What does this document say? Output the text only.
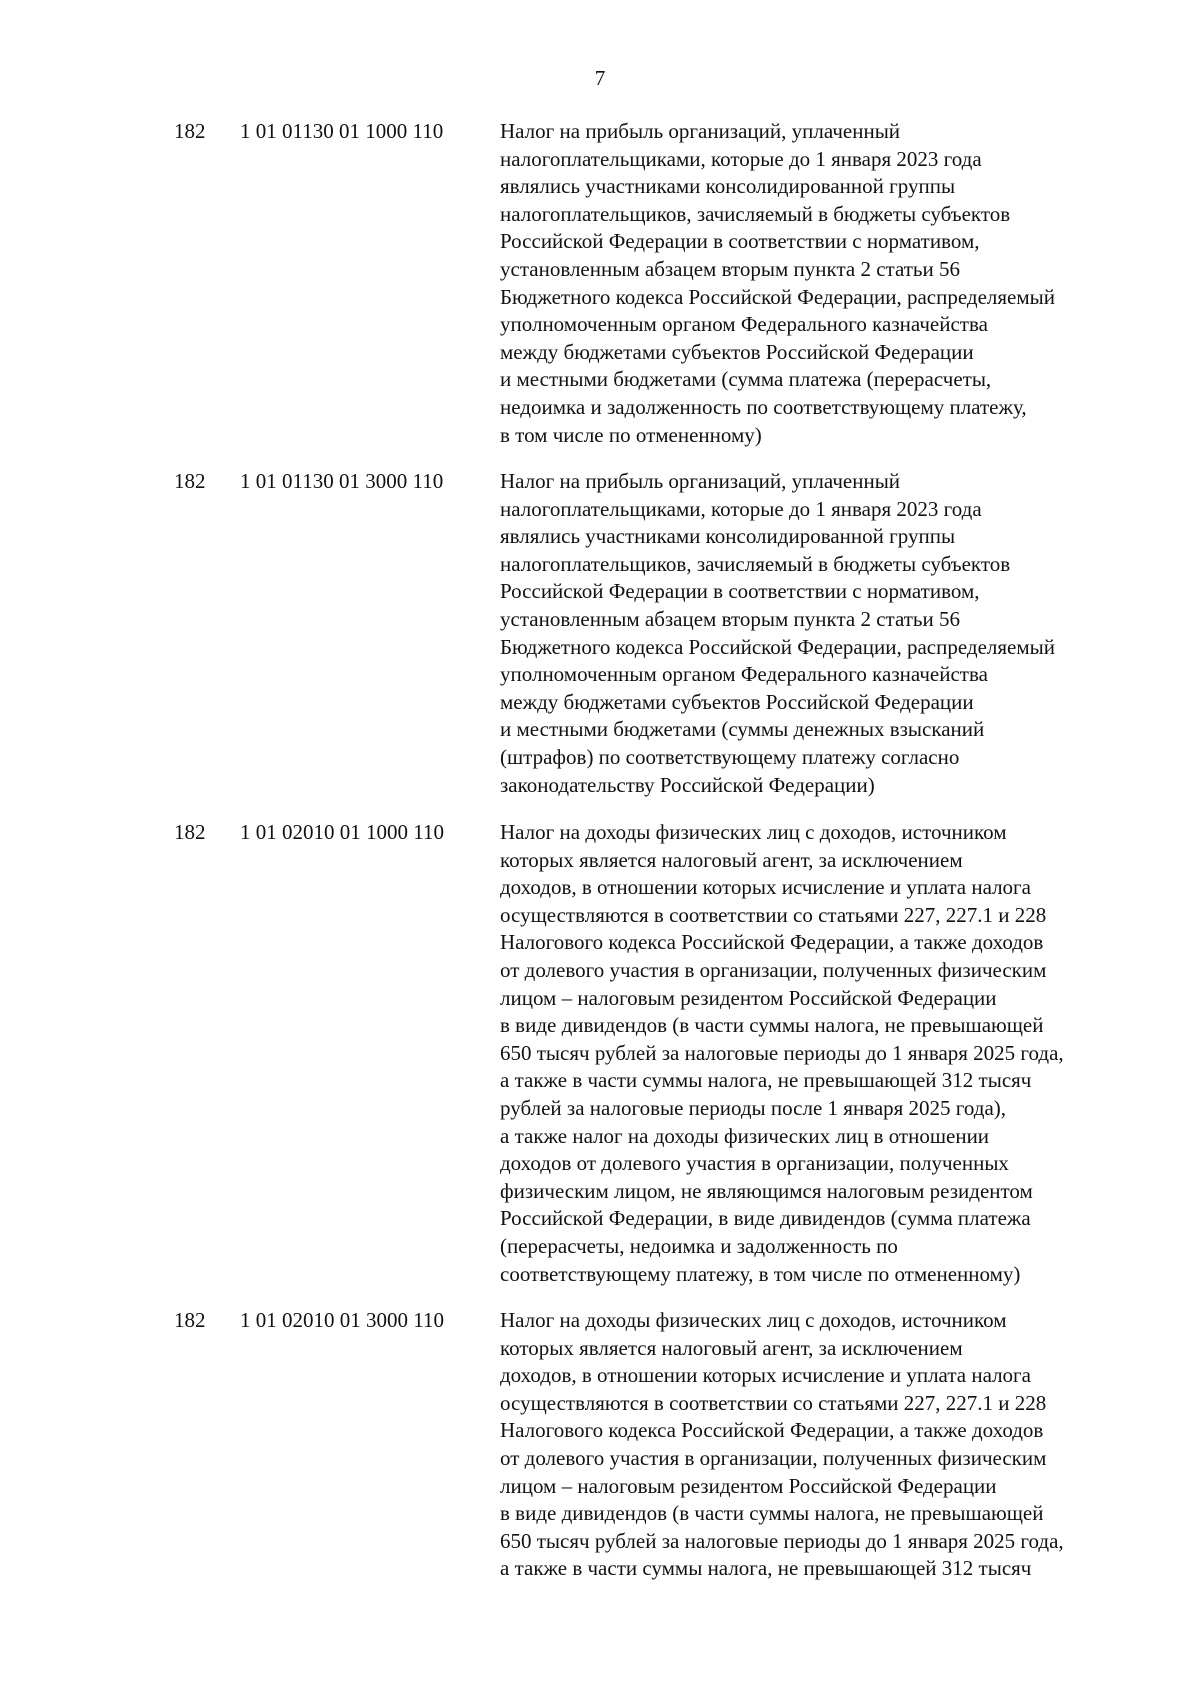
7
182 1 01 01130 01 1000 110	Налог на прибыль организаций, уплаченный
налогоплательщиками, которые до 1 января 2023 года
являлись участниками консолидированной группы
налогоплательщиков, зачисляемый в бюджеты субъектов
Российской Федерации в соответствии с нормативом,
установленным абзацем вторым пункта 2 статьи 56
Бюджетного кодекса Российской Федерации, распределяемый
уполномоченным органом Федерального казначейства
между бюджетами субъектов Российской Федерации
и местными бюджетами (сумма платежа (перерасчеты,
недоимка и задолженность по соответствующему платежу,
в том числе по отмененному)
182 1 01 01130 01 3000 110	Налог на прибыль организаций, уплаченный
налогоплательщиками, которые до 1 января 2023 года
являлись участниками консолидированной группы
налогоплательщиков, зачисляемый в бюджеты субъектов
Российской Федерации в соответствии с нормативом,
установленным абзацем вторым пункта 2 статьи 56
Бюджетного кодекса Российской Федерации, распределяемый
уполномоченным органом Федерального казначейства
между бюджетами субъектов Российской Федерации
и местными бюджетами (суммы денежных взысканий
(штрафов) по соответствующему платежу согласно
законодательству Российской Федерации)
182 1 01 02010 01 1000 110	Налог на доходы физических лиц с доходов, источником
которых является налоговый агент, за исключением
доходов, в отношении которых исчисление и уплата налога
осуществляются в соответствии со статьями 227, 227.1 и 228
Налогового кодекса Российской Федерации, а также доходов
от долевого участия в организации, полученных физическим
лицом – налоговым резидентом Российской Федерации
в виде дивидендов (в части суммы налога, не превышающей
650 тысяч рублей за налоговые периоды до 1 января 2025 года,
а также в части суммы налога, не превышающей 312 тысяч
рублей за налоговые периоды после 1 января 2025 года),
а также налог на доходы физических лиц в отношении
доходов от долевого участия в организации, полученных
физическим лицом, не являющимся налоговым резидентом
Российской Федерации, в виде дивидендов (сумма платежа
(перерасчеты, недоимка и задолженность по
соответствующему платежу, в том числе по отмененному)
182 1 01 02010 01 3000 110	Налог на доходы физических лиц с доходов, источником
которых является налоговый агент, за исключением
доходов, в отношении которых исчисление и уплата налога
осуществляются в соответствии со статьями 227, 227.1 и 228
Налогового кодекса Российской Федерации, а также доходов
от долевого участия в организации, полученных физическим
лицом – налоговым резидентом Российской Федерации
в виде дивидендов (в части суммы налога, не превышающей
650 тысяч рублей за налоговые периоды до 1 января 2025 года,
а также в части суммы налога, не превышающей 312 тысяч
